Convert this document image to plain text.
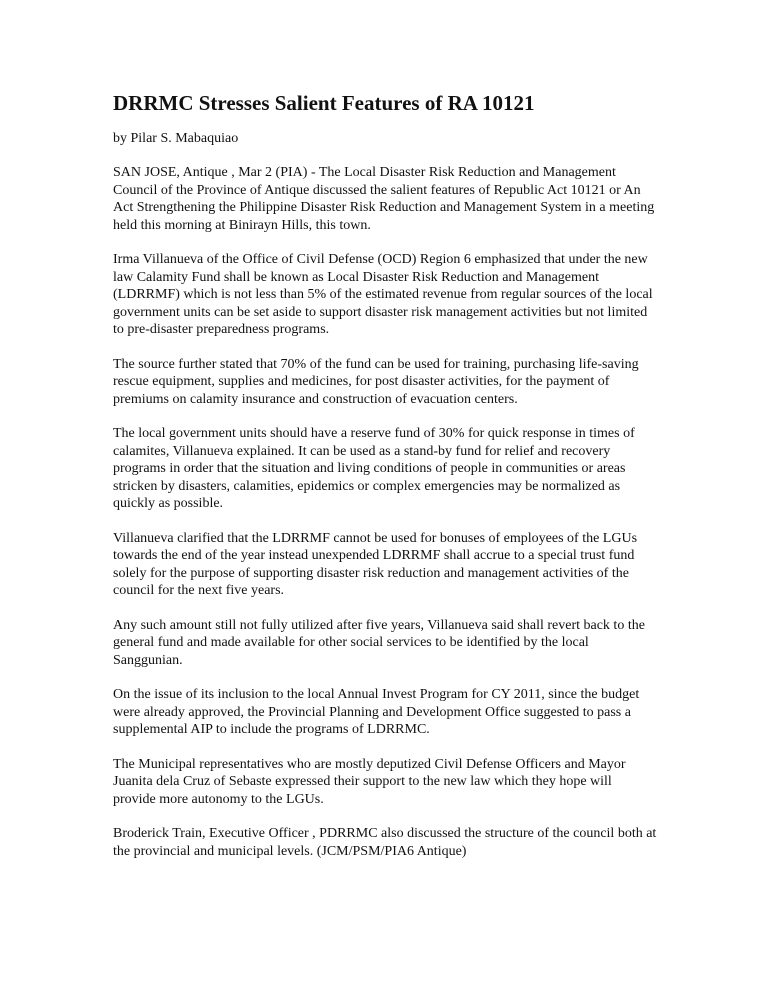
DRRMC Stresses Salient Features of RA 10121

by Pilar S. Mabaquiao

SAN JOSE, Antique , Mar 2 (PIA) - The Local Disaster Risk Reduction and Management Council of the Province of Antique discussed the salient features of Republic Act 10121 or An Act Strengthening the Philippine Disaster Risk Reduction and Management System in a meeting held this morning at Binirayn Hills, this town.

Irma Villanueva of the Office of Civil Defense (OCD) Region 6 emphasized that under the new law Calamity Fund shall be known as Local Disaster Risk Reduction and Management (LDRRMF) which is not less than 5% of the estimated revenue from regular sources of the local government units can be set aside to support disaster risk management activities but not limited to pre-disaster preparedness programs.

The source further stated that 70% of the fund can be used for training, purchasing life-saving rescue equipment, supplies and medicines, for post disaster activities, for the payment of premiums on calamity insurance and construction of evacuation centers.

The local government units should have a reserve fund of 30% for quick response in times of calamites, Villanueva explained. It can be used as a stand-by fund for relief and recovery programs in order that the situation and living conditions of people in communities or areas stricken by disasters, calamities, epidemics or complex emergencies may be normalized as quickly as possible.

Villanueva clarified that the LDRRMF cannot be used for bonuses of employees of the LGUs towards the end of the year instead unexpended LDRRMF shall accrue to a special trust fund solely for the purpose of supporting disaster risk reduction and management activities of the council for the next five years.

Any such amount still not fully utilized after five years, Villanueva said shall revert back to the general fund and made available for other social services to be identified by the local Sanggunian.

On the issue of its inclusion to the local Annual Invest Program for CY 2011, since the budget were already approved, the Provincial Planning and Development Office suggested to pass a supplemental AIP to include the programs of LDRRMC.

The Municipal representatives who are mostly deputized Civil Defense Officers and Mayor Juanita dela Cruz of Sebaste expressed their support to the new law which they hope will provide more autonomy to the LGUs.

Broderick Train, Executive Officer , PDRRMC also discussed the structure of the council both at the provincial and municipal levels. (JCM/PSM/PIA6 Antique)
